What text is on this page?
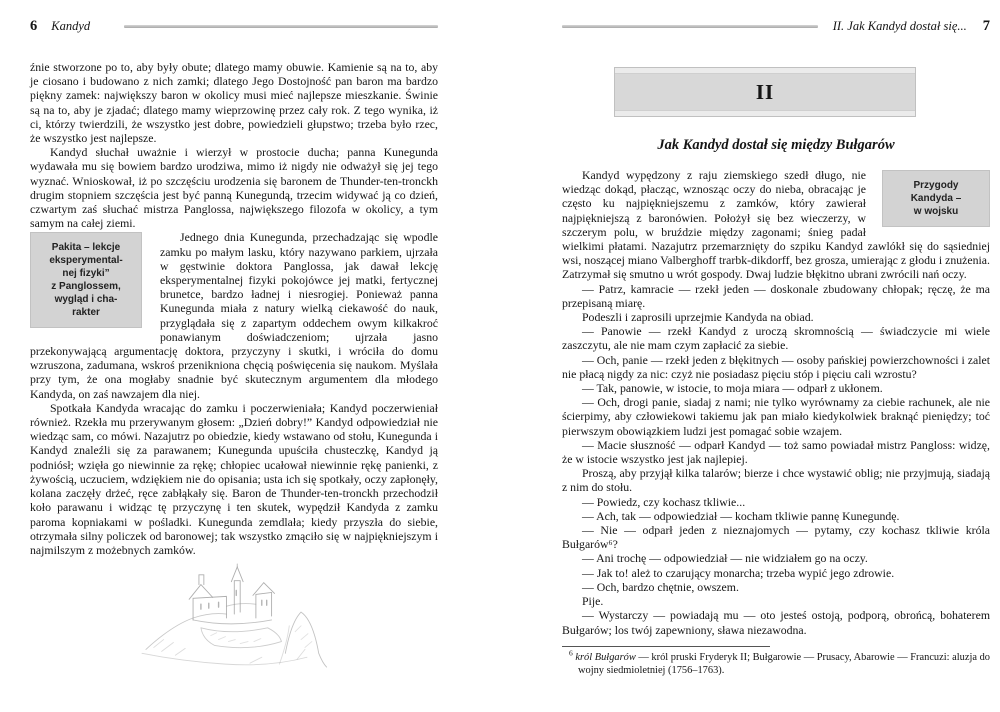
6 Kandyd

źnie stworzone po to, aby były obute; dlatego mamy obuwie. Kamienie są na to, aby je ciosano i budowano z nich zamki; dlatego Jego Dostojność pan baron ma bardzo piękny zamek: największy baron w okolicy musi mieć najlepsze mieszkanie. Świnie są na to, aby je zjadać; dlatego mamy wieprzowinę przez cały rok. Z tego wynika, iż ci, którzy twierdzili, że wszystko jest dobre, powiedzieli głupstwo; trzeba było rzec, że wszystko jest najlepsze.

Kandyd słuchał uważnie i wierzył w prostocie ducha; panna Kunegunda wydawała mu się bowiem bardzo urodziwa, mimo iż nigdy nie odważył się jej tego wyznać. Wnioskował, iż po szczęściu urodzenia się baronem de Thunder-ten-tronckh drugim stopniem szczęścia jest być panną Kunegundą, trzecim widywać ją co dzień, czwartym zaś słuchać mistrza Panglossa, największego filozofa w okolicy, a tym samym na całej ziemi.

Pakita – lekcje
eksperymental-
nej fizyki”
z Panglossem,
wygląd i cha-
rakter

Jednego dnia Kunegunda, przechadzając się wpodle zamku po małym lasku, który nazywano parkiem, ujrzała w gęstwinie doktora Panglossa, jak dawał lekcję eksperymentalnej fizyki pokojówce jej matki, fertycznej brunetce, bardzo ładnej i niesrogiej. Ponieważ panna Kunegunda miała z natury wielką ciekawość do nauk, przyglądała się z zapartym oddechem owym kilkakroć ponawianym doświadczeniom; ujrzała jasno przekonywającą argumentację doktora, przyczyny i skutki, i wróciła do domu wzruszona, zadumana, wskroś przenikniona chęcią poświęcenia się naukom. Myślała przy tym, że ona mogłaby snadnie być skutecznym argumentem dla młodego Kandyda, on zaś nawzajem dla niej.

Spotkała Kandyda wracając do zamku i poczerwieniała; Kandyd poczerwieniał również. Rzekła mu przerywanym głosem: „Dzień dobry!” Kandyd odpowiedział nie wiedząc sam, co mówi. Nazajutrz po obiedzie, kiedy wstawano od stołu, Kunegunda i Kandyd znaleźli się za parawanem; Kunegunda upuściła chusteczkę, Kandyd ją podniósł; wzięła go niewinnie za rękę; chłopiec ucałował niewinnie rękę panienki, z żywością, uczuciem, wdziękiem nie do opisania; usta ich się spotkały, oczy zapłonęły, kolana zaczęły drżeć, ręce zabłąkały się. Baron de Thunder-ten-tronckh przechodził koło parawanu i widząc tę przyczynę i ten skutek, wypędził Kandyda z zamku paroma kopniakami w pośladki. Kunegunda zemdlała; kiedy przyszła do siebie, otrzymała silny policzek od baronowej; tak wszystko zmąciło się w najpiękniejszym i najmilszym z możebnych zamków.

II. Jak Kandyd dostał się... 7
II
Jak Kandyd dostał się między Bułgarów
Przygody
Kandyda –
w wojsku

Kandyd wypędzony z raju ziemskiego szedł długo, nie wiedząc dokąd, płacząc, wznosząc oczy do nieba, obracając je często ku najpiękniejszemu z zamków, który zawierał najpiękniejszą z baronówien. Położył się bez wieczerzy, w szczerym polu, w bruździe między zagonami; śnieg padał wielkimi płatami. Nazajutrz przemarznięty do szpiku Kandyd zawlókł się do sąsiedniej wsi, noszącej miano Valberghoff trarbk-dikdorff, bez grosza, umierając z głodu i znużenia. Zatrzymał się smutno u wrót gospody. Dwaj ludzie błękitno ubrani zwrócili nań oczy.

— Patrz, kamracie — rzekł jeden — doskonale zbudowany chłopak; ręczę, że ma przepisaną miarę.

Podeszli i zaprosili uprzejmie Kandyda na obiad.

— Panowie — rzekł Kandyd z uroczą skromnością — świadczycie mi wiele zaszczytu, ale nie mam czym zapłacić za siebie.

— Och, panie — rzekł jeden z błękitnych — osoby pańskiej powierzchowności i zalet nie płacą nigdy za nic: czyż nie posiadasz pięciu stóp i pięciu cali wzrostu?

— Tak, panowie, w istocie, to moja miara — odparł z ukłonem.

— Och, drogi panie, siadaj z nami; nie tylko wyrównamy za ciebie rachunek, ale nie ścierpimy, aby człowiekowi takiemu jak pan miało kiedykolwiek braknąć pieniędzy; toć pierwszym obowiązkiem ludzi jest pomagać sobie wzajem.

— Macie słuszność — odparł Kandyd — toż samo powiadał mistrz Pangloss: widzę, że w istocie wszystko jest jak najlepiej.

Proszą, aby przyjął kilka talarów; bierze i chce wystawić oblig; nie przyjmują, siadają z nim do stołu.

— Powiedz, czy kochasz tkliwie...

— Ach, tak — odpowiedział — kocham tkliwie pannę Kunegundę.

— Nie — odparł jeden z nieznajomych — pytamy, czy kochasz tkliwie króla Bułgarów⁶?

— Ani trochę — odpowiedział — nie widziałem go na oczy.

— Jak to! ależ to czarujący monarcha; trzeba wypić jego zdrowie.

— Och, bardzo chętnie, owszem.

Pije.

— Wystarczy — powiadają mu — oto jesteś ostoją, podporą, obrońcą, bohaterem Bułgarów; los twój zapewniony, sława niezawodna.

$^6$ król Bułgarów — król pruski Fryderyk II; Bułgarowie — Prusacy, Abarowie — Francuzi: aluzja do wojny siedmioletniej (1756–1763).
